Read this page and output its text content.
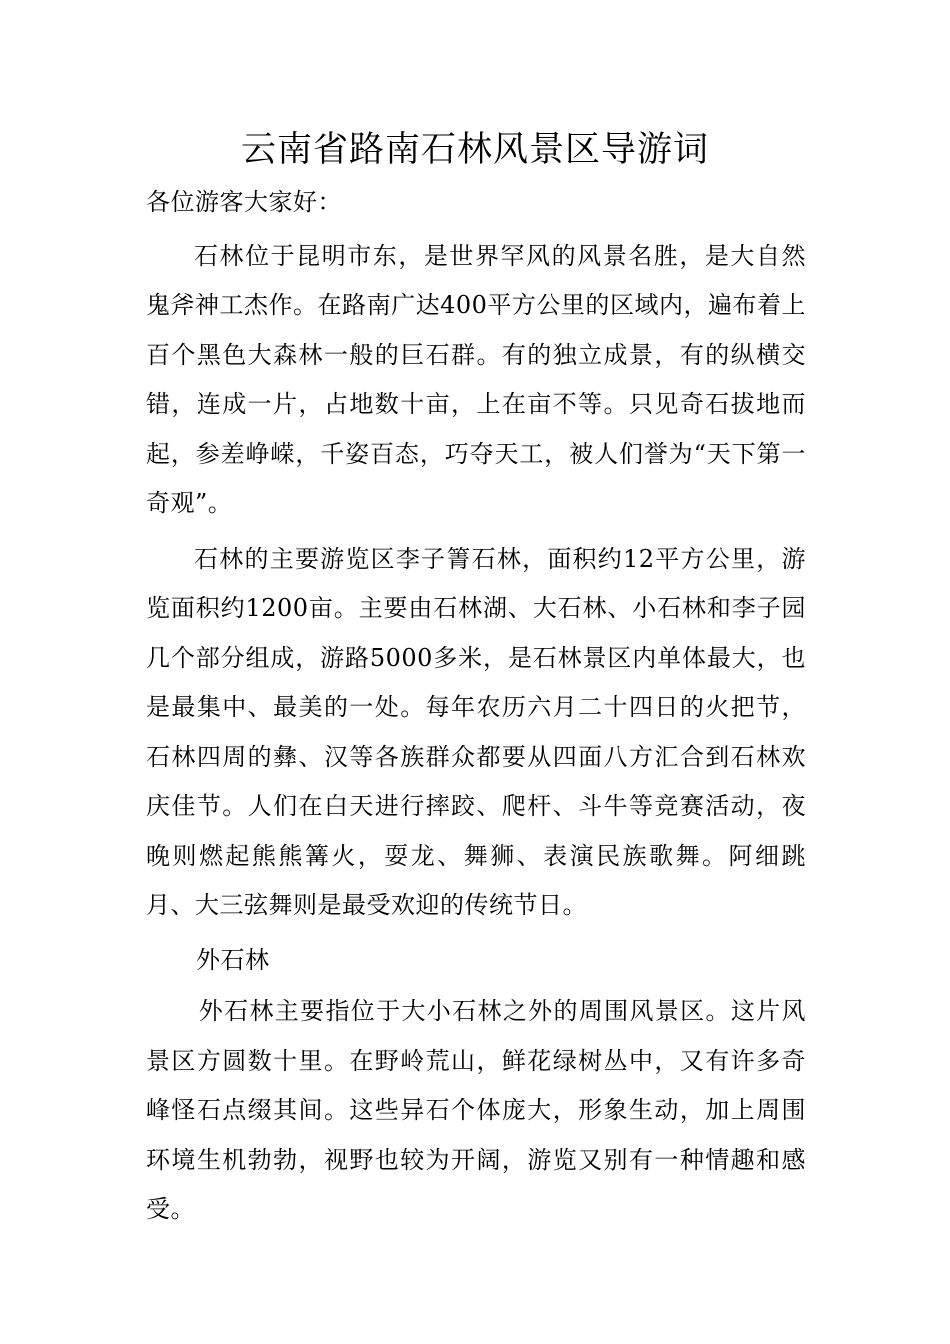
云南省路南石林风景区导游词

各位游客大家好：

石林位于昆明市东，是世界罕风的风景名胜，是大自然鬼斧神工杰作。在路南广达400平方公里的区域内，遍布着上百个黑色大森林一般的巨石群。有的独立成景，有的纵横交错，连成一片，占地数十亩，上在亩不等。只见奇石拔地而起，参差峥嵘，千姿百态，巧夺天工，被人们誉为“天下第一奇观”。

石林的主要游览区李子箐石林，面积约12平方公里，游览面积约1200亩。主要由石林湖、大石林、小石林和李子园几个部分组成，游路5000多米，是石林景区内单体最大，也是最集中、最美的一处。每年农历六月二十四日的火把节，石林四周的彝、汉等各族群众都要从四面八方汇合到石林欢庆佳节。人们在白天进行摔跤、爬杆、斗牛等竞赛活动，夜晚则燃起熊熊篝火，耍龙、舞狮、表演民族歌舞。阿细跳月、大三弦舞则是最受欢迎的传统节日。

外石林

外石林主要指位于大小石林之外的周围风景区。这片风景区方圆数十里。在野岭荒山，鲜花绿树丛中，又有许多奇峰怪石点缀其间。这些异石个体庞大，形象生动，加上周围环境生机勃勃，视野也较为开阔，游览又别有一种情趣和感受。
